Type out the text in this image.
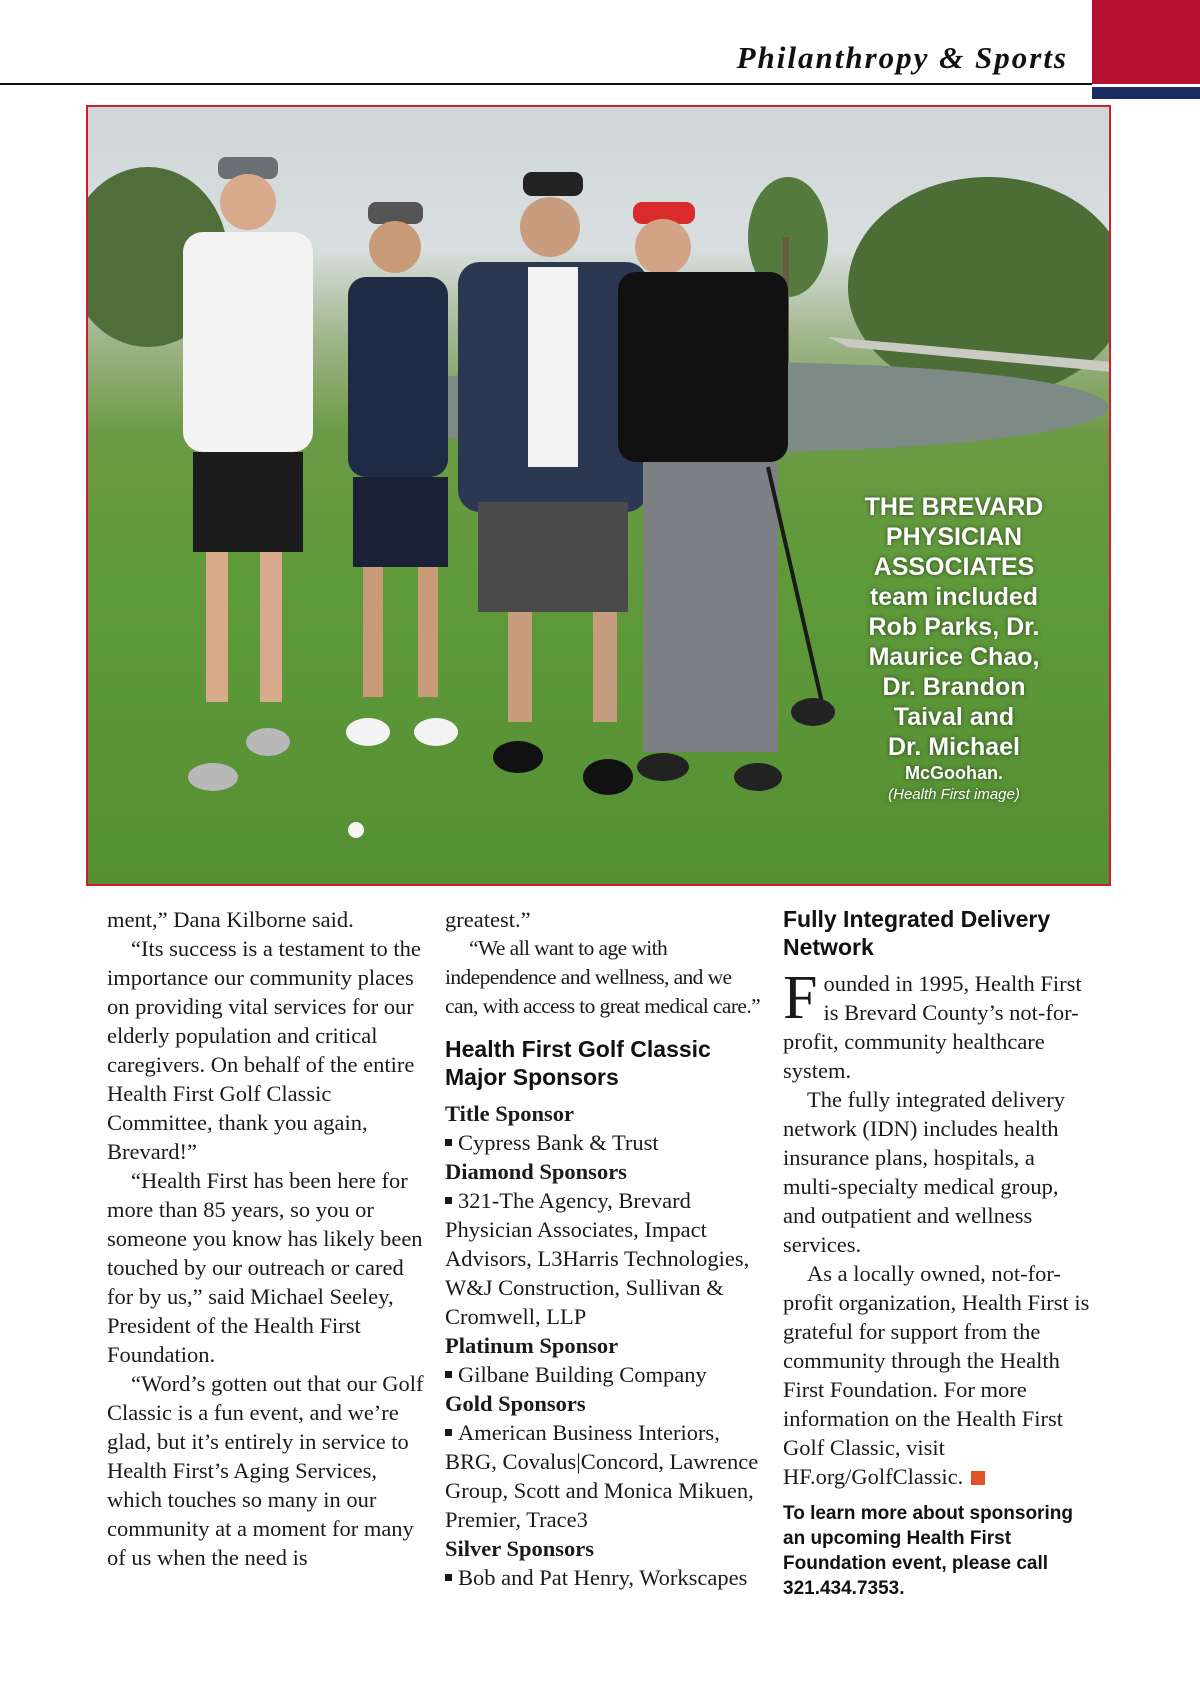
Philanthropy & Sports
THE BREVARD
PHYSICIAN
ASSOCIATES
team included
Rob Parks, Dr.
Maurice Chao,
Dr. Brandon
Taival and
Dr. Michael
McGoohan.
(Health First image)

ment,” Dana Kilborne said.

“Its success is a testament to the importance our community places on providing vital services for our elderly population and critical caregivers. On behalf of the entire Health First Golf Classic Committee, thank you again, Brevard!”

“Health First has been here for more than 85 years, so you or someone you know has likely been touched by our outreach or cared for by us,” said Michael Seeley, President of the Health First Foundation.

“Word’s gotten out that our Golf Classic is a fun event, and we’re glad, but it’s entirely in service to Health First’s Aging Services, which touches so many in our community at a moment for many of us when the need is

greatest.”

“We all want to age with independence and wellness, and we can, with access to great medical care.”

Health First Golf Classic Major Sponsors

Title Sponsor

Cypress Bank & Trust

Diamond Sponsors

321-The Agency, Brevard Physician Associates, Impact Advisors, L3Harris Technologies, W&J Construction, Sullivan & Cromwell, LLP

Platinum Sponsor

Gilbane Building Company

Gold Sponsors

American Business Interiors, BRG, Covalus|Concord, Lawrence Group, Scott and Monica Mikuen, Premier, Trace3

Silver Sponsors

Bob and Pat Henry, Workscapes

Fully Integrated Delivery Network

Founded in 1995, Health First is Brevard County’s not-for-profit, community healthcare system.

The fully integrated delivery network (IDN) includes health insurance plans, hospitals, a multi-specialty medical group, and outpatient and wellness services.

As a locally owned, not-for-profit organization, Health First is grateful for support from the community through the Health First Foundation. For more information on the Health First Golf Classic, visit HF.org/GolfClassic.

To learn more about sponsoring an upcoming Health First Foundation event, please call 321.434.7353.
